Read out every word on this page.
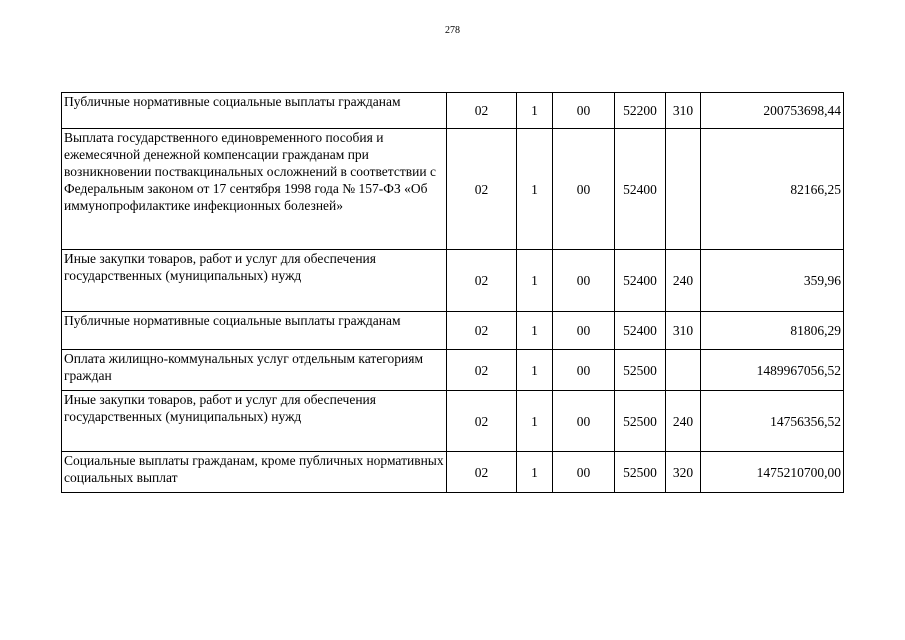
278
Публичные нормативные социальные выплаты гражданам	02	1	00	52200	310	200753698,44
Выплата государственного единовременного пособия и ежемесячной денежной компенсации гражданам при возникновении поствакцинальных осложнений в соответствии с Федеральным законом от 17 сентября 1998 года № 157-ФЗ «Об иммунопрофилактике инфекционных болезней»	02	1	00	52400		82166,25
Иные закупки товаров, работ и услуг для обеспечения государственных (муниципальных) нужд	02	1	00	52400	240	359,96
Публичные нормативные социальные выплаты гражданам	02	1	00	52400	310	81806,29
Оплата жилищно-коммунальных услуг отдельным категориям граждан	02	1	00	52500		1489967056,52
Иные закупки товаров, работ и услуг для обеспечения государственных (муниципальных) нужд	02	1	00	52500	240	14756356,52
Социальные выплаты гражданам, кроме публичных нормативных социальных выплат	02	1	00	52500	320	1475210700,00
